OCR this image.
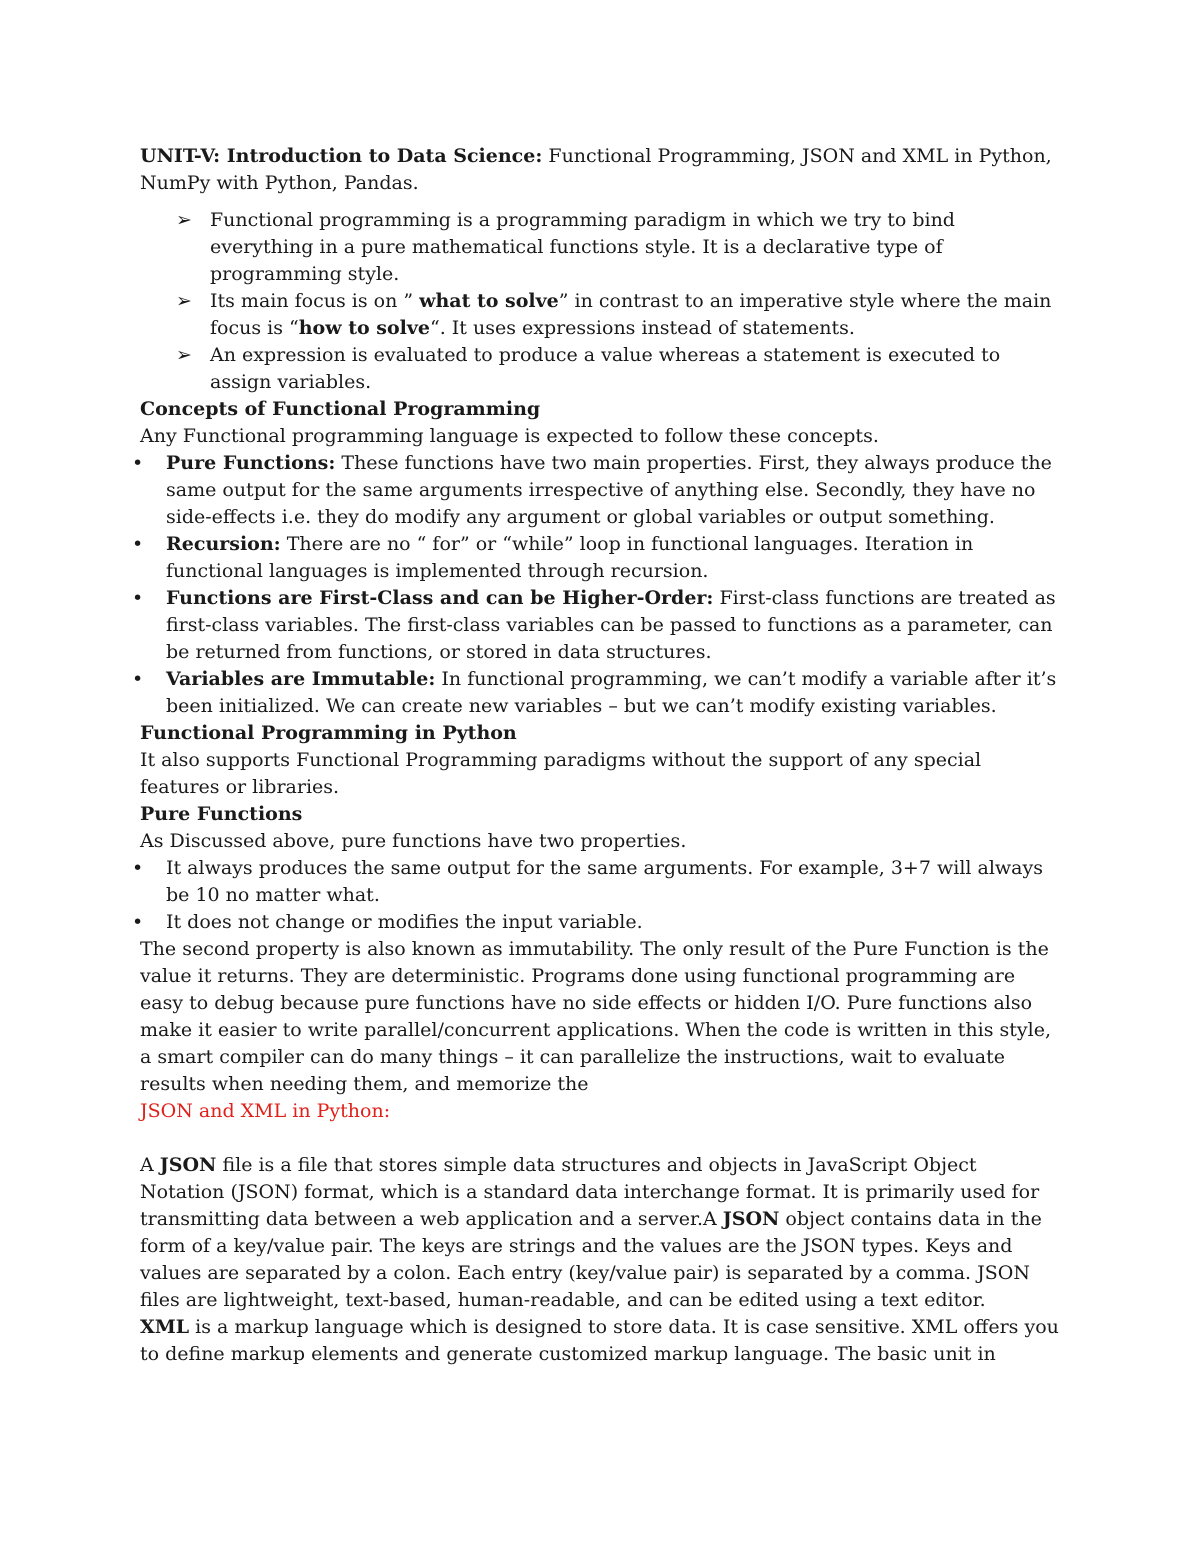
UNIT-V: Introduction to Data Science: Functional Programming, JSON and XML in Python, NumPy with Python, Pandas.

➢ Functional programming is a programming paradigm in which we try to bind everything in a pure mathematical functions style. It is a declarative type of programming style.
➢ Its main focus is on ” what to solve” in contrast to an imperative style where the main focus is “how to solve“. It uses expressions instead of statements.
➢ An expression is evaluated to produce a value whereas a statement is executed to assign variables.

Concepts of Functional Programming

Any Functional programming language is expected to follow these concepts.

• Pure Functions: These functions have two main properties. First, they always produce the same output for the same arguments irrespective of anything else. Secondly, they have no side-effects i.e. they do modify any argument or global variables or output something.
• Recursion: There are no “ for” or “while” loop in functional languages. Iteration in functional languages is implemented through recursion.
• Functions are First-Class and can be Higher-Order: First-class functions are treated as first-class variables. The first-class variables can be passed to functions as a parameter, can be returned from functions, or stored in data structures.
• Variables are Immutable: In functional programming, we can’t modify a variable after it’s been initialized. We can create new variables – but we can’t modify existing variables.

Functional Programming in Python

It also supports Functional Programming paradigms without the support of any special features or libraries.

Pure Functions

As Discussed above, pure functions have two properties.

• It always produces the same output for the same arguments. For example, 3+7 will always be 10 no matter what.
• It does not change or modifies the input variable.

The second property is also known as immutability. The only result of the Pure Function is the value it returns. They are deterministic. Programs done using functional programming are easy to debug because pure functions have no side effects or hidden I/O. Pure functions also make it easier to write parallel/concurrent applications. When the code is written in this style, a smart compiler can do many things – it can parallelize the instructions, wait to evaluate results when needing them, and memorize the

JSON and XML in Python:

A JSON file is a file that stores simple data structures and objects in JavaScript Object Notation (JSON) format, which is a standard data interchange format. It is primarily used for transmitting data between a web application and a server.A JSON object contains data in the form of a key/value pair. The keys are strings and the values are the JSON types. Keys and values are separated by a colon. Each entry (key/value pair) is separated by a comma. JSON files are lightweight, text-based, human-readable, and can be edited using a text editor.

XML is a markup language which is designed to store data. It is case sensitive. XML offers you to define markup elements and generate customized markup language. The basic unit in
